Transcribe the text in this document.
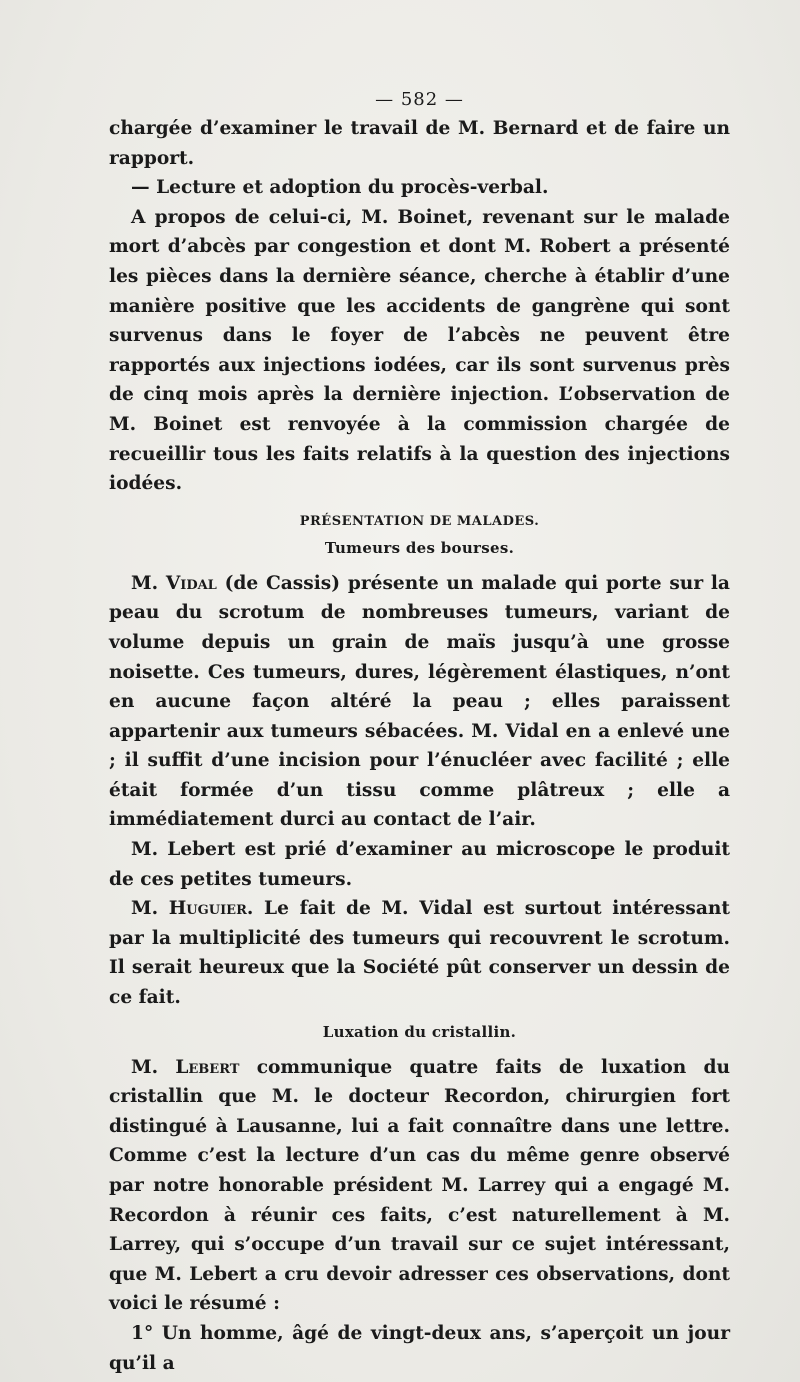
— 582 —

chargée d’examiner le travail de M. Bernard et de faire un rapport.

— Lecture et adoption du procès-verbal.

A propos de celui-ci, M. Boinet, revenant sur le malade mort d’abcès par congestion et dont M. Robert a présenté les pièces dans la dernière séance, cherche à établir d’une manière positive que les accidents de gangrène qui sont survenus dans le foyer de l’abcès ne peuvent être rapportés aux injections iodées, car ils sont survenus près de cinq mois après la dernière injection. L’observation de M. Boinet est renvoyée à la commission chargée de recueillir tous les faits relatifs à la question des injections iodées.

PRÉSENTATION DE MALADES.
Tumeurs des bourses.

M. Vidal (de Cassis) présente un malade qui porte sur la peau du scrotum de nombreuses tumeurs, variant de volume depuis un grain de maïs jusqu’à une grosse noisette. Ces tumeurs, dures, légèrement élastiques, n’ont en aucune façon altéré la peau ; elles paraissent appartenir aux tumeurs sébacées. M. Vidal en a enlevé une ; il suffit d’une incision pour l’énucléer avec facilité ; elle était formée d’un tissu comme plâtreux ; elle a immédiatement durci au contact de l’air.

M. Lebert est prié d’examiner au microscope le produit de ces petites tumeurs.

M. Huguier. Le fait de M. Vidal est surtout intéressant par la multiplicité des tumeurs qui recouvrent le scrotum. Il serait heureux que la Société pût conserver un dessin de ce fait.

Luxation du cristallin.

M. Lebert communique quatre faits de luxation du cristallin que M. le docteur Recordon, chirurgien fort distingué à Lausanne, lui a fait connaître dans une lettre. Comme c’est la lecture d’un cas du même genre observé par notre honorable président M. Larrey qui a engagé M. Recordon à réunir ces faits, c’est naturellement à M. Larrey, qui s’occupe d’un travail sur ce sujet intéressant, que M. Lebert a cru devoir adresser ces observations, dont voici le résumé :

1° Un homme, âgé de vingt-deux ans, s’aperçoit un jour qu’il a
